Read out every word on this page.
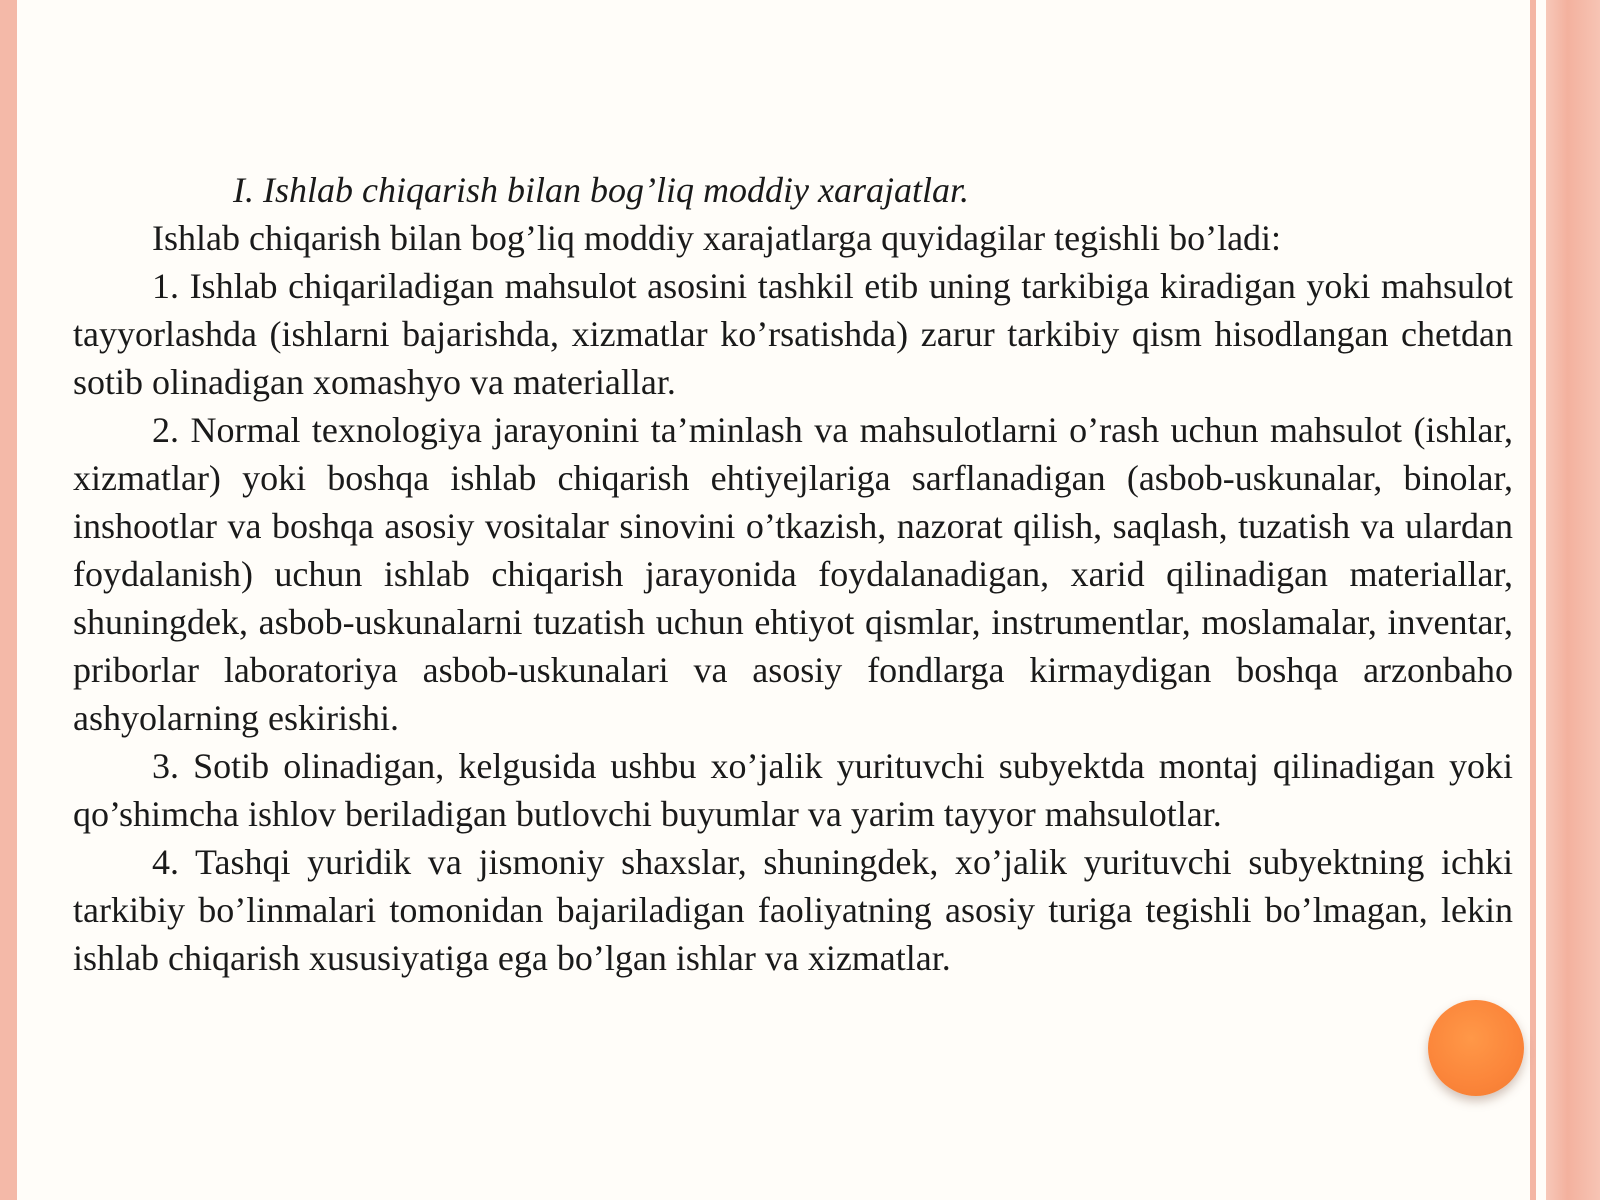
I. Ishlab chiqarish bilan bog’liq moddiy xarajatlar.

Ishlab chiqarish bilan bog’liq moddiy xarajatlarga quyidagilar tegishli bo’ladi:

1. Ishlab chiqariladigan mahsulot asosini tashkil etib uning tarkibiga kiradigan yoki mahsulot tayyorlashda (ishlarni bajarishda, xizmatlar ko’rsatishda) zarur tarkibiy qism hisodlangan chetdan sotib olinadigan xomashyo va materiallar.

2. Normal texnologiya jarayonini ta’minlash va mahsulotlarni o’rash uchun mahsulot (ishlar, xizmatlar) yoki boshqa ishlab chiqarish ehtiyejlariga sarflanadigan (asbob-uskunalar, binolar, inshootlar va boshqa asosiy vositalar sinovini o’tkazish, nazorat qilish, saqlash, tuzatish va ulardan foydalanish) uchun ishlab chiqarish jarayonida foydalanadigan, xarid qilinadigan materiallar, shuningdek, asbob-uskunalarni tuzatish uchun ehtiyot qismlar, instrumentlar, moslamalar, inventar, priborlar laboratoriya asbob-uskunalari va asosiy fondlarga kirmaydigan boshqa arzonbaho ashyolarning eskirishi.

3. Sotib olinadigan, kelgusida ushbu xo’jalik yurituvchi subyektda montaj qilinadigan yoki qo’shimcha ishlov beriladigan butlovchi buyumlar va yarim tayyor mahsulotlar.

4. Tashqi yuridik va jismoniy shaxslar, shuningdek, xo’jalik yurituvchi subyektning ichki tarkibiy bo’linmalari tomonidan bajariladigan faoliyatning asosiy turiga tegishli bo’lmagan, lekin ishlab chiqarish xususiyatiga ega bo’lgan ishlar va xizmatlar.
